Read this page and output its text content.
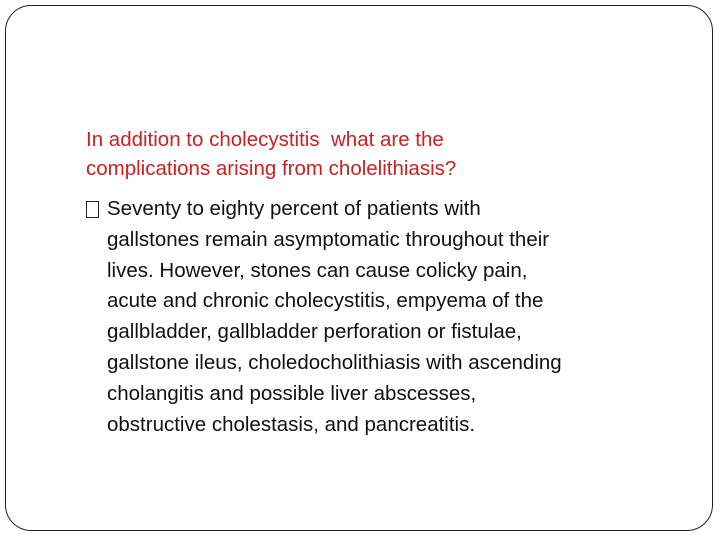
In addition to cholecystitis  what are the
complications arising from cholelithiasis?
Seventy to eighty percent of patients with
gallstones remain asymptomatic throughout their
lives. However, stones can cause colicky pain,
acute and chronic cholecystitis, empyema of the
gallbladder, gallbladder perforation or fistulae,
gallstone ileus, choledocholithiasis with ascending
cholangitis and possible liver abscesses,
obstructive cholestasis, and pancreatitis.
